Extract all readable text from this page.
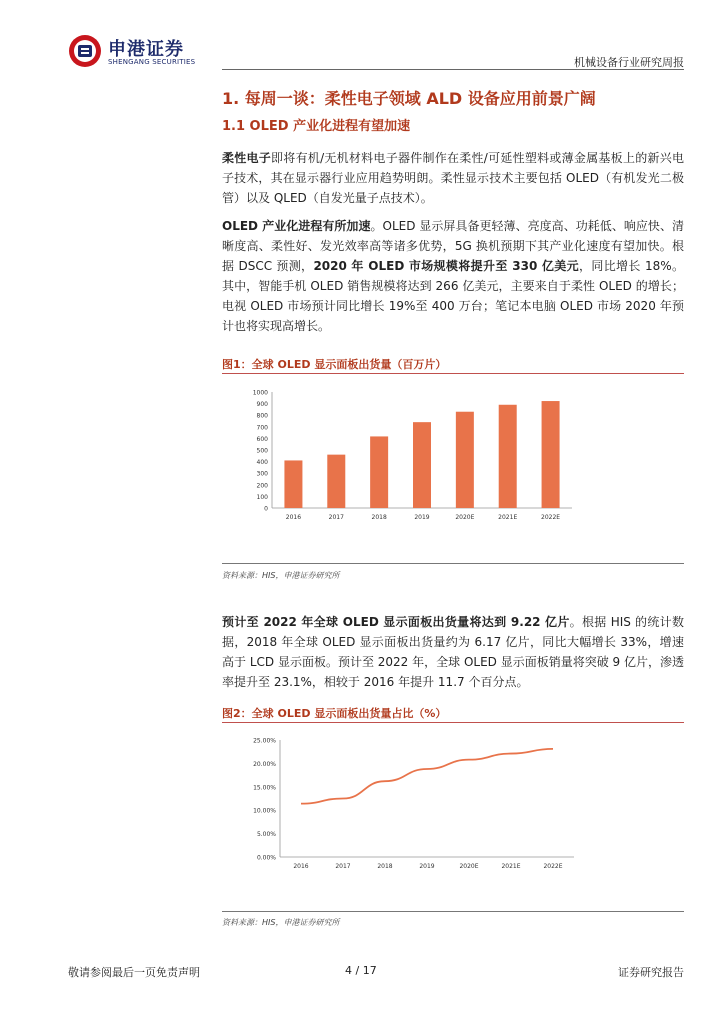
申港证券
SHENGANG SECURITIES	机械设备行业研究周报
1. 每周一谈：柔性电子领域 ALD 设备应用前景广阔
1.1 OLED 产业化进程有望加速
柔性电子即将有机/无机材料电子器件制作在柔性/可延性塑料或薄金属基板上的新兴电子技术，其在显示器行业应用趋势明朗。柔性显示技术主要包括 OLED（有机发光二极管）以及 QLED（自发光量子点技术）。
OLED 产业化进程有所加速。OLED 显示屏具备更轻薄、亮度高、功耗低、响应快、清晰度高、柔性好、发光效率高等诸多优势，5G 换机预期下其产业化速度有望加快。根据 DSCC 预测，2020 年 OLED 市场规模将提升至 330 亿美元，同比增长 18%。其中，智能手机 OLED 销售规模将达到 266 亿美元，主要来自于柔性 OLED 的增长；电视 OLED 市场预计同比增长 19%至 400 万台；笔记本电脑 OLED 市场 2020 年预计也将实现高增长。
图1：全球 OLED 显示面板出货量（百万片）
0
100
200
300
400
500
600
700
800
900
1000
2016	2017	2018	2019	2020E	2021E	2022E
资料来源：HIS，申港证券研究所
预计至 2022 年全球 OLED 显示面板出货量将达到 9.22 亿片。根据 HIS 的统计数据，2018 年全球 OLED 显示面板出货量约为 6.17 亿片，同比大幅增长 33%，增速高于 LCD 显示面板。预计至 2022 年，全球 OLED 显示面板销量将突破 9 亿片，渗透率提升至 23.1%，相较于 2016 年提升 11.7 个百分点。
图2：全球 OLED 显示面板出货量占比（%）
0.00%
5.00%
10.00%
15.00%
20.00%
25.00%
2016	2017	2018	2019	2020E	2021E	2022E
资料来源：HIS，申港证券研究所
敬请参阅最后一页免责声明	4 / 17	证券研究报告
